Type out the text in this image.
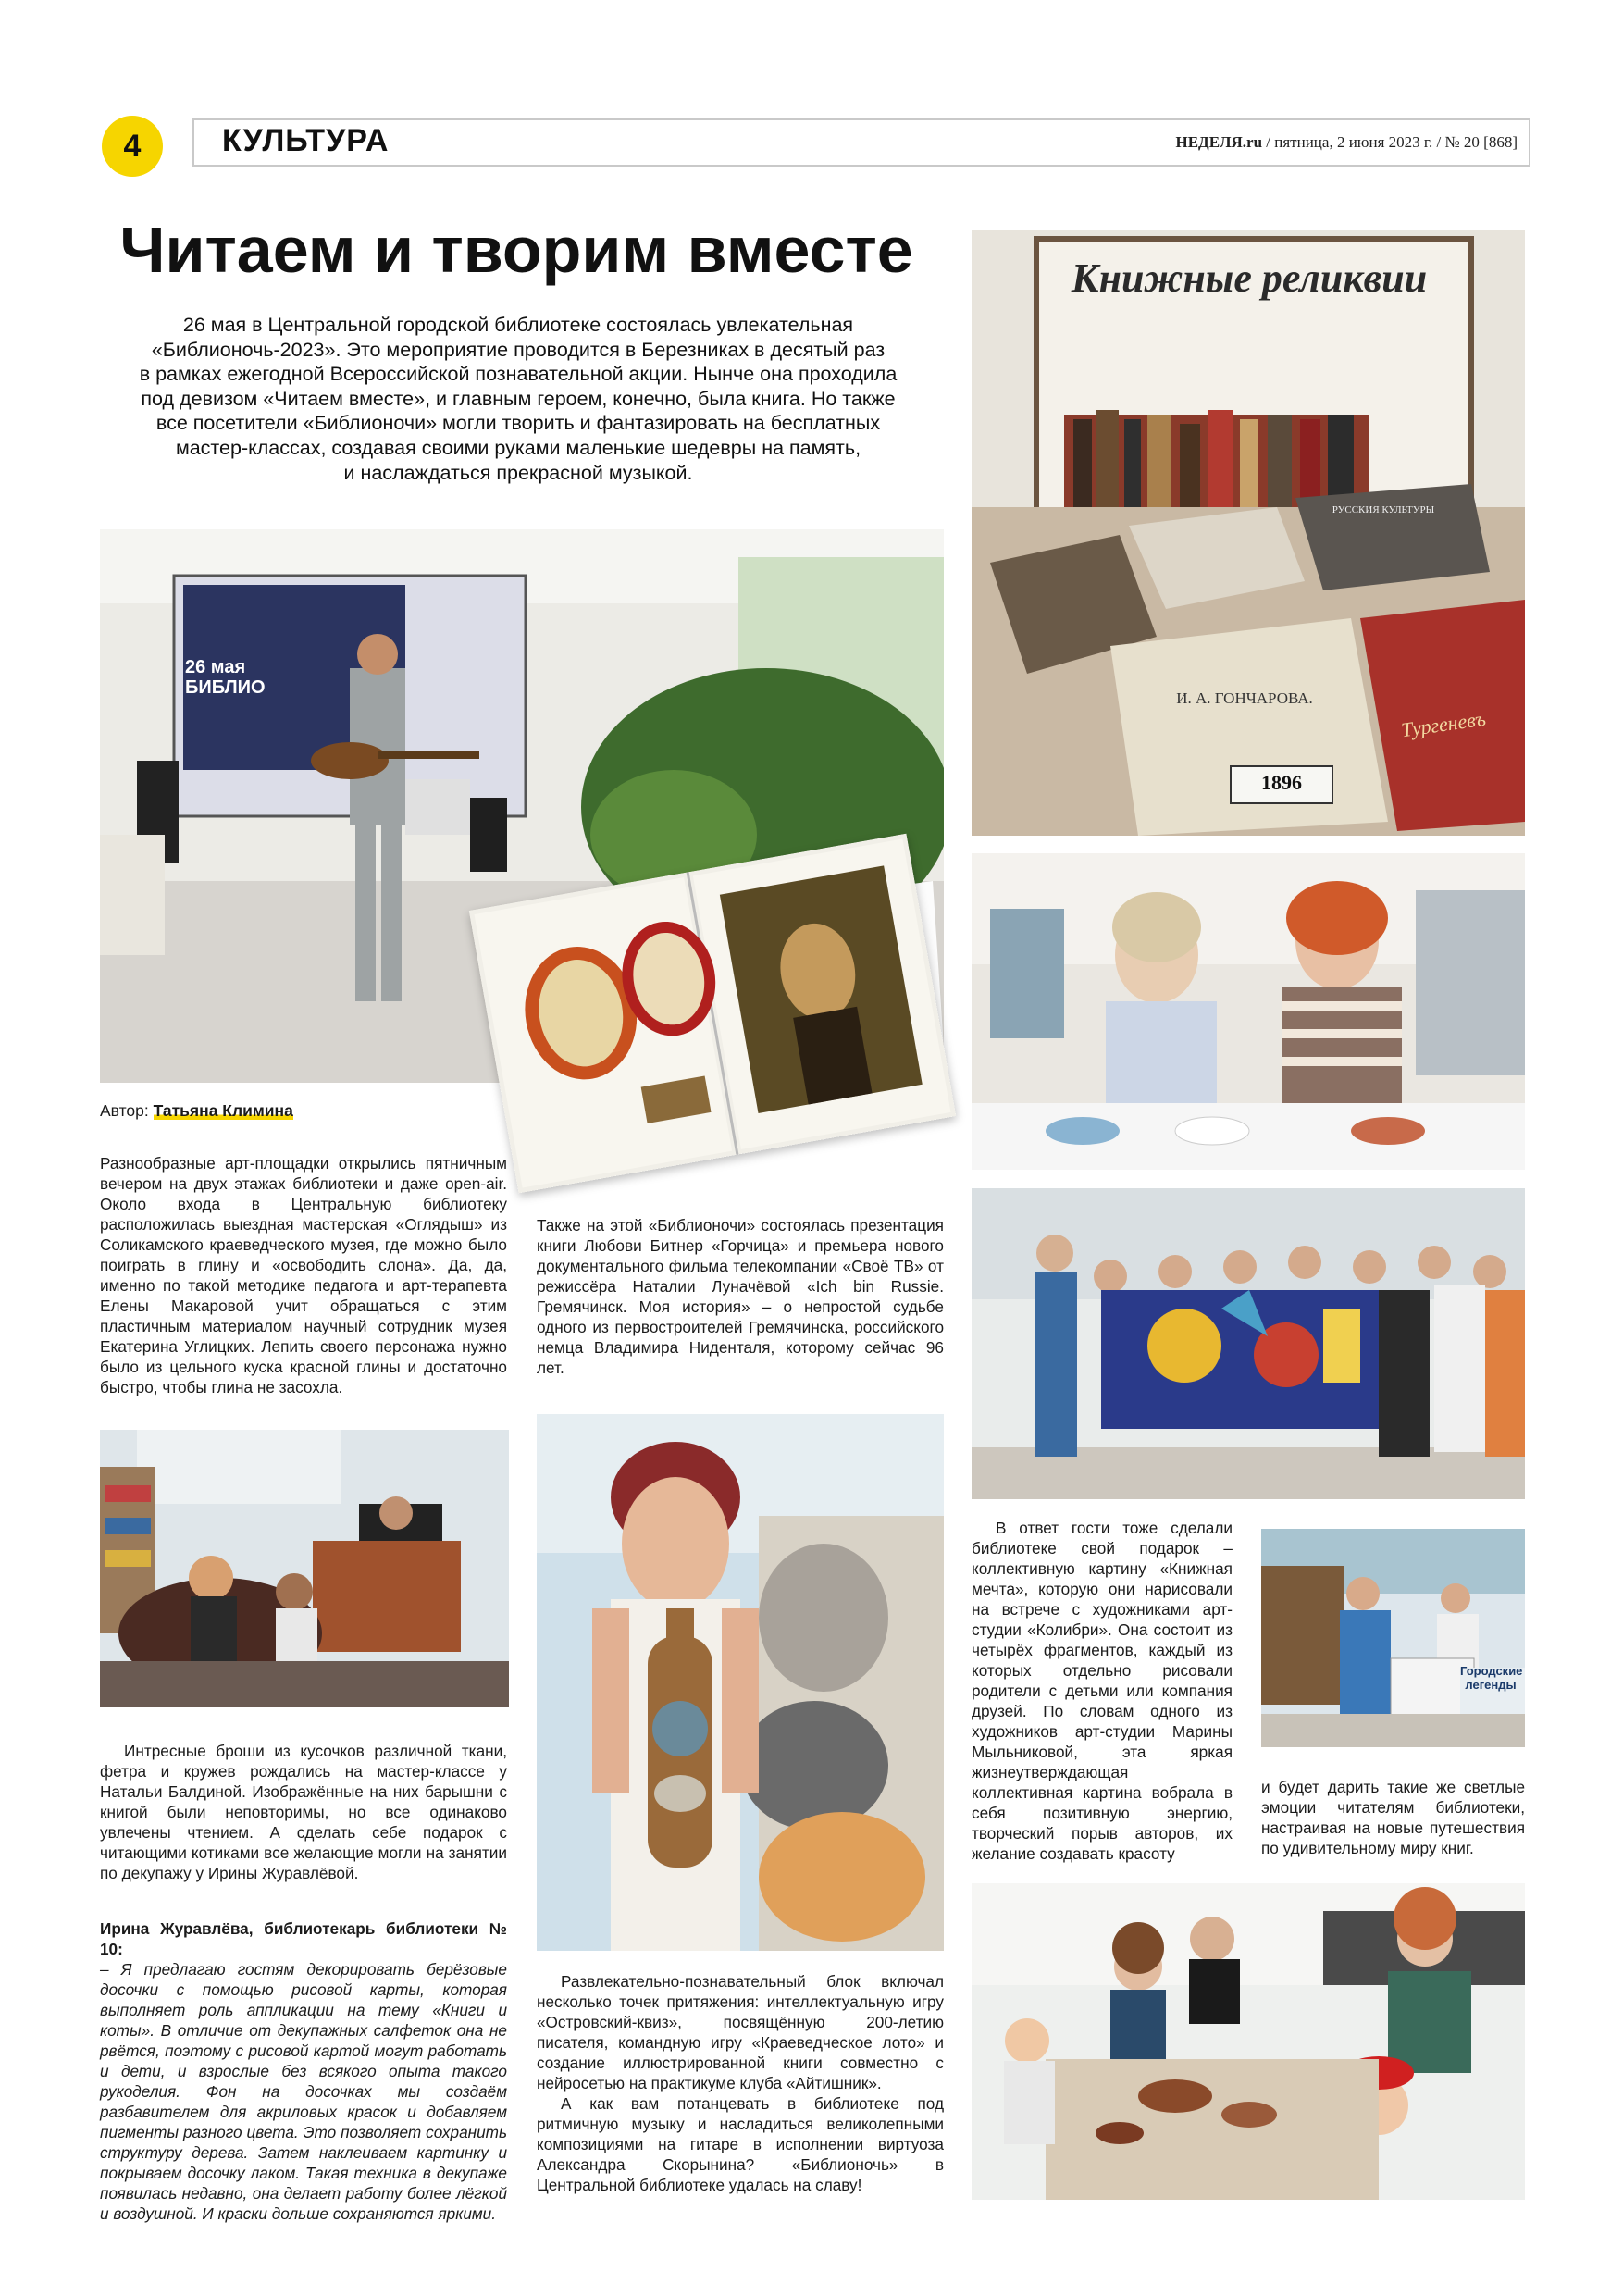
4	КУЛЬТУРА	НЕДЕЛЯ.ru / пятница, 2 июня 2023 г. / № 20 [868]
Читаем и творим вместе
26 мая в Центральной городской библиотеке состоялась увлекательная
«Библионочь-2023». Это мероприятие проводится в Березниках в десятый раз
в рамках ежегодной Всероссийской познавательной акции. Нынче она проходила
под девизом «Читаем вместе», и главным героем, конечно, была книга. Но также
все посетители «Библионочи» могли творить и фантазировать на бесплатных
мастер-классах, создавая своими руками маленькие шедевры на память,
и наслаждаться прекрасной музыкой.
Книжные реликвии
РУССКИЯ КУЛЬТУРЫ
И. А. ГОНЧАРОВА.
Тургеневъ
1896
26 мая БИБЛИО
Автор: Татьяна Климина

Разнообразные арт-площадки открылись пятничным вечером на двух этажах библиотеки и даже open-air. Около входа в Центральную библиотеку расположилась выездная мастерская «Оглядыш» из Соликамского краеведческого музея, где можно было поиграть в глину и «освободить слона». Да, да, именно по такой методике педагога и арт-терапевта Елены Макаровой учит обращаться с этим пластичным материалом научный сотрудник музея Екатерина Углицких. Лепить своего персонажа нужно было из цельного куска красной глины и достаточно быстро, чтобы глина не засохла.

Интресные броши из кусочков различной ткани, фетра и кружев рождались на мастер-классе у Натальи Балдиной. Изображённые на них барышни с книгой были неповторимы, но все одинаково увлечены чтением. А сделать себе подарок с читающими котиками все желающие могли на занятии по декупажу у Ирины Журавлёвой.

Ирина Журавлёва, библиотекарь библиотеки № 10:

– Я предлагаю гостям декорировать берёзовые досочки с помощью рисовой карты, которая выполняет роль аппликации на тему «Книги и коты». В отличие от декупажных салфеток она не рвётся, поэтому с рисовой картой могут работать и дети, и взрослые без всякого опыта такого рукоделия. Фон на досочках мы создаём разбавителем для акриловых красок и добавляем пигменты разного цвета. Это позволяет сохранить структуру дерева. Затем наклеиваем картинку и покрываем досочку лаком. Такая техника в декупаже появилась недавно, она делает работу более лёгкой и воздушной. И краски дольше сохраняются яркими.

Также на этой «Библионочи» состоялась презентация книги Любови Битнер «Горчица» и премьера нового документального фильма телекомпании «Своё ТВ» от режиссёра Наталии Луначёвой «Ich bin Russie. Гремячинск. Моя история» – о непростой судьбе одного из первостроителей Гремячинска, российского немца Владимира Ниденталя, которому сейчас 96 лет.

Развлекательно-познавательный блок включал несколько точек притяжения: интеллектуальную игру «Островский-квиз», посвящённую 200-летию писателя, командную игру «Краеведческое лото» и создание иллюстрированной книги совместно с нейросетью на практикуме клуба «Айтишник».

А как вам потанцевать в библиотеке под ритмичную музыку и насладиться великолепными композициями на гитаре в исполнении виртуоза Александра Скорынина? «Библионочь» в Центральной библиотеке удалась на славу!

В ответ гости тоже сделали библиотеке свой подарок – коллективную картину «Книжная мечта», которую они нарисовали на встрече с художниками арт-студии «Колибри». Она состоит из четырёх фрагментов, каждый из которых отдельно рисовали родители с детьми или компания друзей. По словам одного из художников арт-студии Марины Мыльниковой, эта яркая жизнеутверждающая коллективная картина вобрала в себя позитивную энергию, творческий порыв авторов, их желание создавать красоту

Городские легенды

и будет дарить такие же светлые эмоции читателям библиотеки, настраивая на новые путешествия по удивительному миру книг.
